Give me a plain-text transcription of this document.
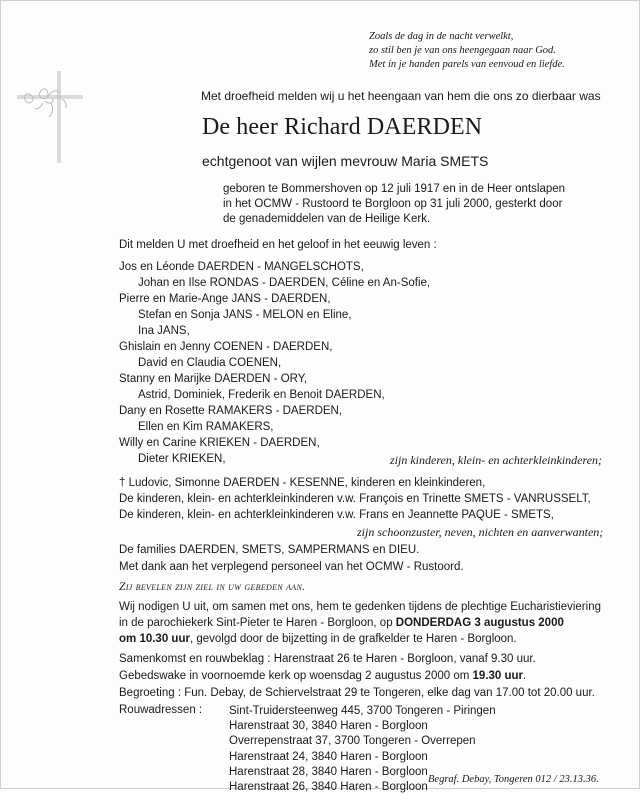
Zoals de dag in de nacht verwelkt,
zo stil ben je van ons heengegaan naar God.
Met in je handen parels van eenvoud en liefde.
Met droefheid melden wij u het heengaan van hem die ons zo dierbaar was
De heer Richard DAERDEN
echtgenoot van wijlen mevrouw Maria SMETS
geboren te Bommershoven op 12 juli 1917 en in de Heer ontslapen
in het OCMW - Rustoord te Borgloon op 31 juli 2000, gesterkt door
de genademiddelen van de Heilige Kerk.
Dit melden U met droefheid en het geloof in het eeuwig leven :
Jos en Léonde DAERDEN - MANGELSCHOTS,
Johan en Ilse RONDAS - DAERDEN, Céline en An-Sofie,
Pierre en Marie-Ange JANS - DAERDEN,
Stefan en Sonja JANS - MELON en Eline,
Ina JANS,
Ghislain en Jenny COENEN - DAERDEN,
David en Claudia COENEN,
Stanny en Marijke DAERDEN - ORY,
Astrid, Dominiek, Frederik en Benoit DAERDEN,
Dany en Rosette RAMAKERS - DAERDEN,
Ellen en Kim RAMAKERS,
Willy en Carine KRIEKEN - DAERDEN,
Dieter KRIEKEN,	zijn kinderen, klein- en achterkleinkinderen;
† Ludovic, Simonne DAERDEN - KESENNE, kinderen en kleinkinderen,
De kinderen, klein- en achterkleinkinderen v.w. François en Trinette SMETS - VANRUSSELT,
De kinderen, klein- en achterkleinkinderen v.w. Frans en Jeannette PAQUE - SMETS,
zijn schoonzuster, neven, nichten en aanverwanten;
De families DAERDEN, SMETS, SAMPERMANS en DIEU.
Met dank aan het verplegend personeel van het OCMW - Rustoord.
Zij bevelen zijn ziel in uw gebeden aan.
Wij nodigen U uit, om samen met ons, hem te gedenken tijdens de plechtige Eucharistieviering
in de parochiekerk Sint-Pieter te Haren - Borgloon, op DONDERDAG 3 augustus 2000
om 10.30 uur, gevolgd door de bijzetting in de grafkelder te Haren - Borgloon.
Samenkomst en rouwbeklag : Harenstraat 26 te Haren - Borgloon, vanaf 9.30 uur.
Gebedswake in voornoemde kerk op woensdag 2 augustus 2000 om 19.30 uur.
Begroeting : Fun. Debay, de Schiervelstraat 29 te Tongeren, elke dag van 17.00 tot 20.00 uur.
Rouwadressen : Sint-Truidersteenweg 445, 3700 Tongeren - Piringen
Harenstraat 30, 3840 Haren - Borgloon
Overrepenstraat 37, 3700 Tongeren - Overrepen
Harenstraat 24, 3840 Haren - Borgloon
Harenstraat 28, 3840 Haren - Borgloon
Harenstraat 26, 3840 Haren - Borgloon
Begraf. Debay, Tongeren 012 / 23.13.36.
